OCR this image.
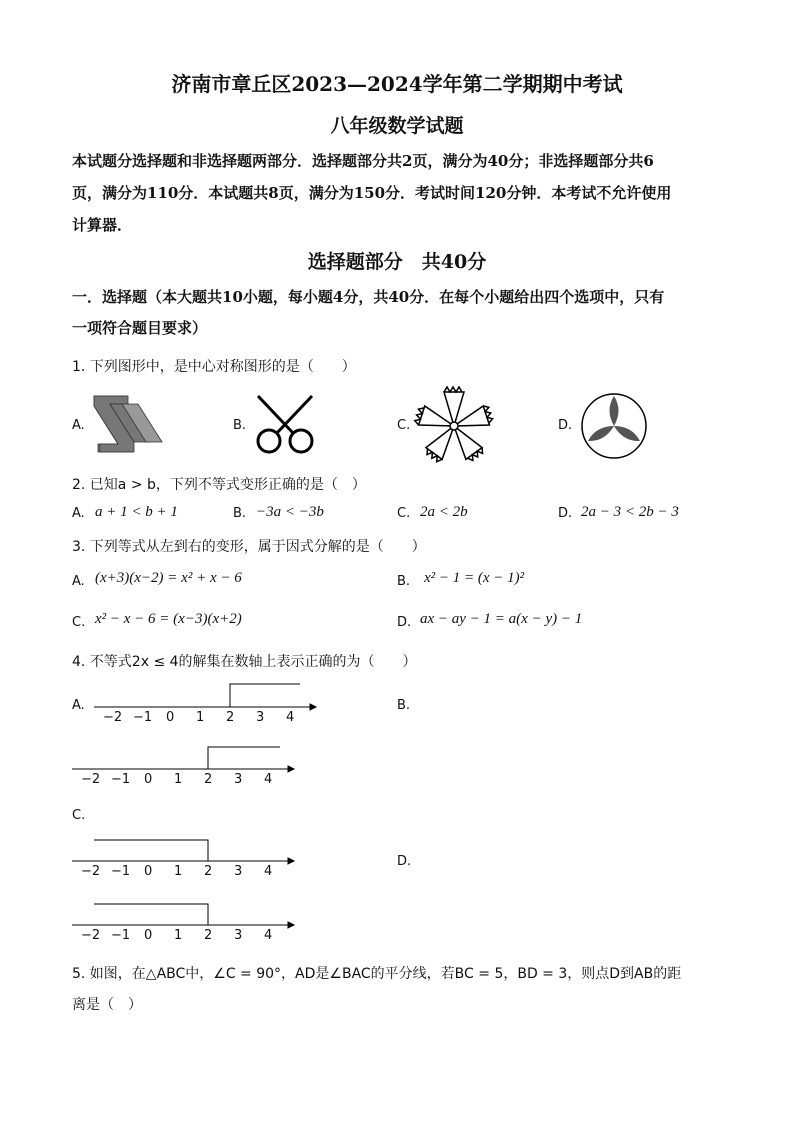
济南市章丘区2023—2024学年第二学期期中考试
八年级数学试题
本试题分选择题和非选择题两部分．选择题部分共2页，满分为40分；非选择题部分共6
页，满分为110分．本试题共8页，满分为150分．考试时间120分钟．本考试不允许使用
计算器．
选择题部分　共40分
一．选择题（本大题共10小题，每小题4分，共40分．在每个小题给出四个选项中，只有
一项符合题目要求）
1. 下列图形中，是中心对称图形的是（　　）
A.	B.	C.	D.
2. 已知a > b，下列不等式变形正确的是（　）
A. a + 1 < b + 1	B. −3a < −3b	C. 2a < 2b	D. 2a − 3 < 2b − 3
3. 下列等式从左到右的变形，属于因式分解的是（　　）
A. (x+3)(x−2) = x² + x − 6	B. x² − 1 = (x − 1)²
C. x² − x − 6 = (x−3)(x+2)	D. ax − ay − 1 = a(x − y) − 1
4. 不等式2x ≤ 4的解集在数轴上表示正确的为（　　）
A.	B.
C.
D.
−2 −1 0 1 2 3 4
−2 −1 0 1 2 3 4
−2 −1 0 1 2 3 4
−2 −1 0 1 2 3 4
5. 如图，在△ABC中，∠C = 90°，AD是∠BAC的平分线，若BC = 5，BD = 3，则点D到AB的距
离是（　）
